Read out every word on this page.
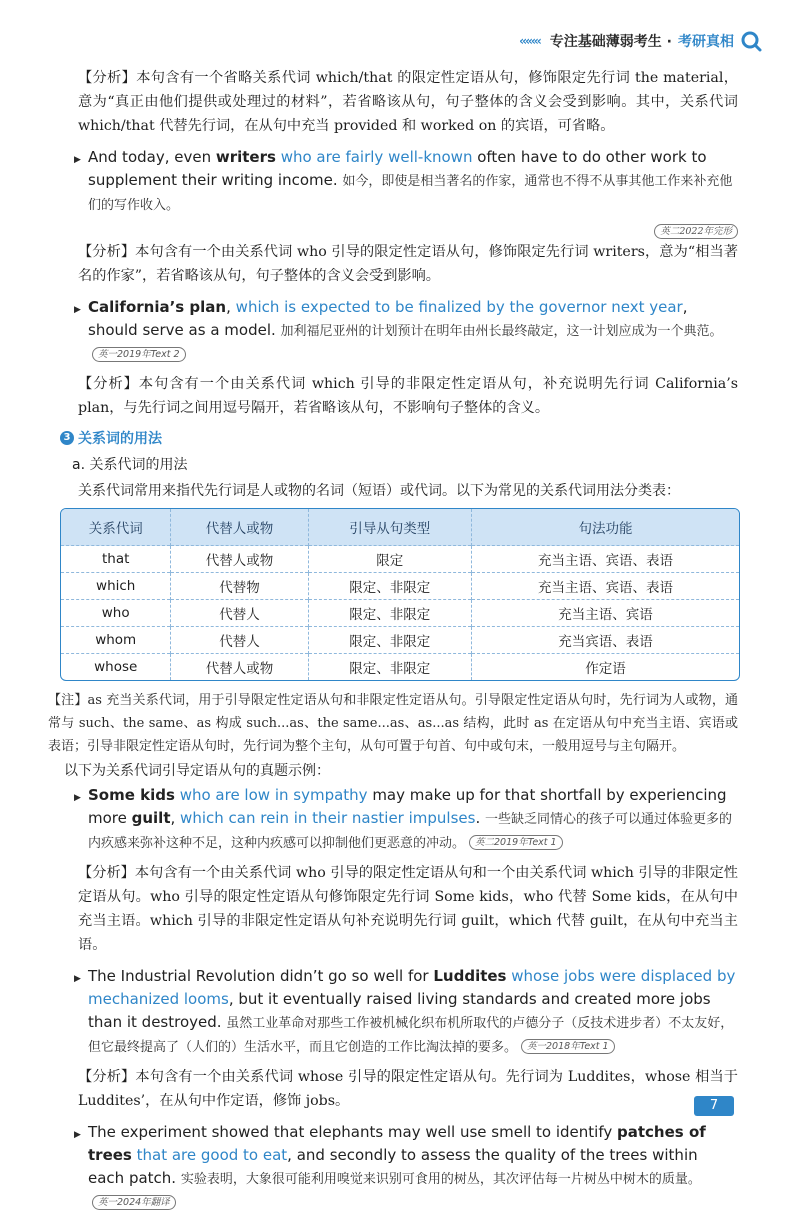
‹‹‹‹‹‹‹ 专注基础薄弱考生 · 考研真相

【分析】本句含有一个省略关系代词 which/that 的限定性定语从句，修饰限定先行词 the material，意为“真正由他们提供或处理过的材料”，若省略该从句，句子整体的含义会受到影响。其中，关系代词 which/that 代替先行词，在从句中充当 provided 和 worked on 的宾语，可省略。

▶ And today, even writers who are fairly well-known often have to do other work to supplement their writing income. 如今，即使是相当著名的作家，通常也不得不从事其他工作来补充他们的写作收入。

英二2022年完形

【分析】本句含有一个由关系代词 who 引导的限定性定语从句，修饰限定先行词 writers，意为“相当著名的作家”，若省略该从句，句子整体的含义会受到影响。

▶ California’s plan, which is expected to be finalized by the governor next year, should serve as a model. 加利福尼亚州的计划预计在明年由州长最终敲定，这一计划应成为一个典范。英一2019年Text 2

【分析】本句含有一个由关系代词 which 引导的非限定性定语从句，补充说明先行词 California’s plan，与先行词之间用逗号隔开，若省略该从句，不影响句子整体的含义。

3 关系词的用法
a. 关系代词的用法

关系代词常用来指代先行词是人或物的名词（短语）或代词。以下为常见的关系代词用法分类表：

关系代词	代替人或物	引导从句类型	句法功能
that	代替人或物	限定	充当主语、宾语、表语
which	代替物	限定、非限定	充当主语、宾语、表语
who	代替人	限定、非限定	充当主语、宾语
whom	代替人	限定、非限定	充当宾语、表语
whose	代替人或物	限定、非限定	作定语

【注】as 充当关系代词，用于引导限定性定语从句和非限定性定语从句。引导限定性定语从句时，先行词为人或物，通常与 such、the same、as 构成 such...as、the same...as、as...as 结构，此时 as 在定语从句中充当主语、宾语或表语；引导非限定性定语从句时，先行词为整个主句，从句可置于句首、句中或句末，一般用逗号与主句隔开。

以下为关系代词引导定语从句的真题示例：

▶ Some kids who are low in sympathy may make up for that shortfall by experiencing more guilt, which can rein in their nastier impulses. 一些缺乏同情心的孩子可以通过体验更多的内疚感来弥补这种不足，这种内疚感可以抑制他们更恶意的冲动。 英二2019年Text 1

【分析】本句含有一个由关系代词 who 引导的限定性定语从句和一个由关系代词 which 引导的非限定性定语从句。who 引导的限定性定语从句修饰限定先行词 Some kids，who 代替 Some kids，在从句中充当主语。which 引导的非限定性定语从句补充说明先行词 guilt，which 代替 guilt，在从句中充当主语。

▶ The Industrial Revolution didn’t go so well for Luddites whose jobs were displaced by mechanized looms, but it eventually raised living standards and created more jobs than it destroyed. 虽然工业革命对那些工作被机械化织布机所取代的卢德分子（反技术进步者）不太友好，但它最终提高了（人们的）生活水平，而且它创造的工作比淘汰掉的要多。 英一2018年Text 1

【分析】本句含有一个由关系代词 whose 引导的限定性定语从句。先行词为 Luddites，whose 相当于 Luddites’，在从句中作定语，修饰 jobs。

▶ The experiment showed that elephants may well use smell to identify patches of trees that are good to eat, and secondly to assess the quality of the trees within each patch. 实验表明，大象很可能利用嗅觉来识别可食用的树丛，其次评估每一片树丛中树木的质量。英一2024年翻译

7
